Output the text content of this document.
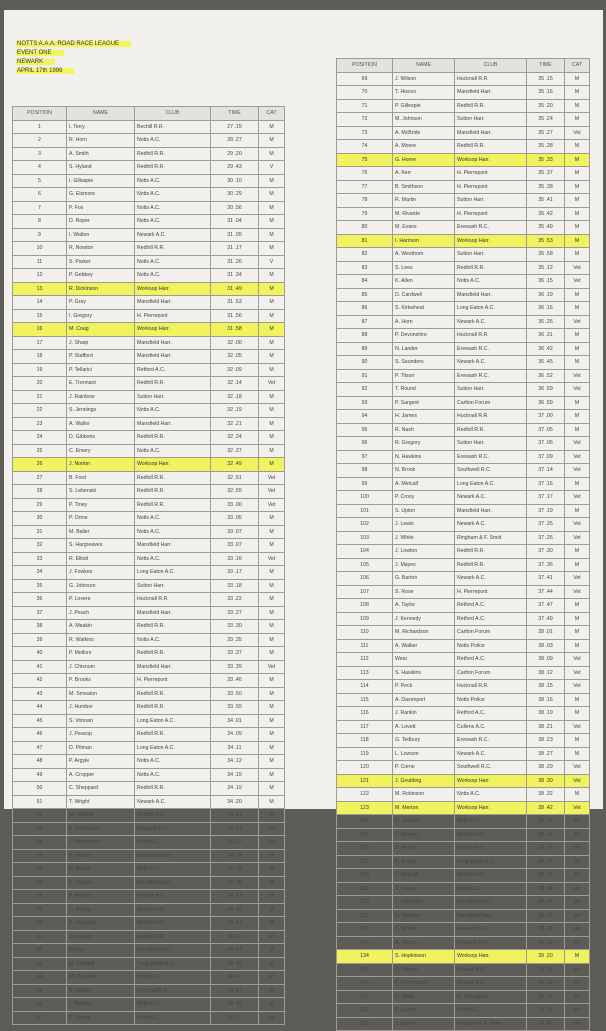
NOTTS A.A.A. ROAD RACE LEAGUE
EVENT ONE
NEWARK
APRIL 17th 1996
POSITION	NAME	CLUB	TIME	CAT
1	I. Terry	Bechill R.R.	27 .15	M
2	R. Horn	Notts A.C.	28 .27	M
3	A. Smith	Redhill R.R.	29 .20	M
4	S. Hyland	Redhill R.R.	29 .43	V
5	I. Gillaspie	Notts A.C.	30 .10	M
6	G. Elsmore	Notts A.C.	30 .29	M
7	P. Fox	Notts A.C.	30 .56	M
8	D. Roper	Notts A.C.	31 .04	M
9	I. Walton	Newark A.C.	31 .05	M
10	R. Nowton	Redhill R.R.	31 .17	M
11	S. Parker	Notts A.C.	31 .26	V
12	P. Gebbey	Notts A.C.	31 .34	M
13	R. Dickinson	Worksop Harr.	31 .49	M
14	P. Gray	Mansfield Harr.	31 .53	M
15	I. Gregory	H. Pierrepont	31 .56	M
16	M. Craig	Worksop Harr.	31 .58	M
17	J. Sharp	Mansfield Harr.	32 .00	M
18	P. Stafford	Mansfield Harr.	32 .05	M
19	P. Tellarici	Retford A.C.	32 .09	M
20	E. Trennant	Redhill R.R.	32 .14	Vet
21	J. Rainbow	Sutton Harr.	32 .18	M
22	S. Jennings	Notts A.C.	32 .19	M
23	A. Wallor	Mansfield Harr.	32 .21	M
24	D. Gibbons	Redhill R.R.	32 .24	M
25	C. Emery	Notts A.C.	32 .37	M
26	J. Norton	Worksop Harr.	32 .49	M
27	B. Ford	Redhill R.R.	32 .51	Vet
28	S. Lebenski	Redhill R.R.	32 .55	Vet
29	P. Tiney	Redhill R.R.	33 .00	Vet
30	P. Orme	Notts A.C.	33 .05	M
31	M. Baller	Notts A.C.	33 .07	M
32	S. Hargreaves	Mansfield Harr.	33 .07	M
33	R. Elliott	Notts A.C.	33 .16	Vet
34	J. Fowkes	Long Eaton A.C.	33 .17	M
35	G. Johnson	Sutton Harr.	33 .18	M
36	P. Lovere	Hucknall R.R.	33 .22	M
37	J. Peach	Mansfield Harr.	33 .27	M
38	A. Meakin	Redhill R.R.	33 .30	M
39	R. Watkins	Notts A.C.	33 .35	M
40	P. Mellors	Redhill R.R.	33 .37	M
41	J. Chisnum	Mansfield Harr.	33 .39	Vet
42	P. Brooks	H. Pierrepont	33 .46	M
43	M. Smeaton	Redhill R.R.	33 .50	M
44	J. Humber	Redhill R.R.	33 .55	M
45	S. Vonnan	Long Eaton A.C.	34 .01	M
46	J. Peacop	Redhill R.R.	34 .09	M
47	D. Pitman	Long Eaton A.C.	34 .11	M
48	P. Argyle	Notts A.C.	34 .12	M
49	A. Cropper	Notts A.C.	34 .15	M
50	C. Sheppard	Redhill R.R.	34 .19	M
51	T. Wright	Newark A.C.	34 .20	M
52	M. Jenkins	Retford A.C.	34 .21	M
53	P. Whiteheed	Erewash R.C.	34 .22	Vet
54	J. Mackintosh	Notts A.C.	34 .32	Vet
55	K. Wilson	Mansfield Harr.	34 .34	M
56	N. Brown	Notts A.C.	34 .35	M
57	K. Palmer	Mansfield Harr.	34 .35	M
58	P. Harden	Newark A.C.	34 .37	M
59	G. Brown	Redhill R.R.	34 .40	M
60	A. Hancock	Redhill R.R.	34 .41	M
61	J. Forrest	Redhill R.R.	34 .42	M
62	Mottey	Mansfield Harr.	34 .44	M
63	M. Goodall	Long Eaton A.C.	34 .45	M
64	M. Marsden	Notts A.C.	34 .46	M
65	R. Walker	Hucknall R.R.	34 .47	M
66	J. Bourne	Notts A.C.	34 .48	M
67	D. Starke	Notts A.C.	34 .50	M
POSITION	NAME	CLUB	TIME	CAT
69	J. Wilson	Hucknall R.R.	35 .15	M
70	T. Hiscox	Mansfield Harr.	35 .16	M
71	P. Gillespie	Redhill R.R.	35 .20	M
72	M. Johnson	Sutton Harr.	35 .24	M
73	A. McBride	Mansfield Harr.	35 .27	Vet
74	A. Moore	Redhill R.R.	35 .28	M
75	G. Horne	Worksop Harr.	35 .33	M
76	A. Kerr	H. Pierrepont	35 .37	M
77	B. Smithson	H. Pierrepont	35 .38	M
78	R. Martin	Sutton Harr.	35 .41	M
79	M. Rivarde	H. Pierrepont	35 .42	M
80	M. Evans	Erewash R.C.	35 .49	M
81	I. Harrison	Worksop Harr.	35 .53	M
82	A. Westhorn	Sutton Harr.	35 .58	M
83	S. Lees	Redhill R.R.	35 .12	Vet
84	K. Allen	Notts A.C.	36 .15	Vet
85	D. Cardwell	Mansfield Harr.	36 .19	M
86	S. Kirkwheat	Long Eaton A.C.	36 .16	M
87	A. Horn	Newark A.C.	36 .26	Vet
88	P. Devonshire	Hucknall R.R.	36 .31	M
89	N. Lander	Erewash R.C.	36 .42	M
90	S. Saunders	Newark A.C.	36 .45	M
91	P. Tilson	Erewash R.C.	36 .52	Vet
92	T. Round	Sutton Harr.	36 .59	Vet
93	P. Sargent	Carlton Forum	36 .59	M
94	H. James	Hucknall R.R.	37 .00	M
95	R. Nash	Redhill R.R.	37 .05	M
96	R. Gregory	Sutton Harr.	37 .06	Vet
97	N. Hawkins	Erewash R.C.	37 .09	Vet
98	N. Brook	Southwell R.C.	37 .14	Vet
99	A. Metcalf	Long Eaton A.C.	37 .16	M
100	P. Crosy	Newark A.C.	37 .17	Vet
101	S. Upton	Mansfield Harr.	37 .19	M
102	J. Lewis	Newark A.C.	37 .25	Vet
103	J. White	Ringham & F. Smid	37 .26	Vet
104	J. Lowton	Redhill R.R.	37 .30	M
105	J. Mayes	Redhill R.R.	37 .36	M
106	G. Barton	Newark A.C.	37 .41	Vet
107	S. Rose	H. Pierrepont	37 .44	Vet
108	A. Taylor	Retford A.C.	37 .47	M
109	J. Kennedy	Retford A.C.	37 .49	M
110	M. Richardson	Carlton Forum	38 .01	M
111	A. Walker	Notts Police	38 .03	M
112	Wear	Retford A.C.	38 .09	Vet
113	S. Hawkins	Carlton Forum	38 .12	Vet
114	P. Peck	Hucknall R.R.	38 .15	Vet
115	A. Davenport	Notts Police	38 .16	M
116	J. Rankin	Retford A.C.	38 .19	M
117	A. Lovett	Cullens A.C.	38 .21	Vet
118	G. Tedbury	Erewash R.C.	38 .23	M
119	L. Lowson	Newark A.C.	38 .27	M
120	P. Corne	Southwell R.C.	38 .29	Vet
121	J. Goulding	Worksop Harr.	38 .30	Vet
122	M. Robinson	Notts A.C.	38 .32	M
123	M. Merton	Worksop Harr.	38 .42	Vet
124	G. Jackson	Notts A.C.	38 .45	Vet
125	J. Skinner	Redhill R.R.	38 .49	M
126	D. Wood	Sutton Harr.	38 .53	Vet
127	N. Evans	Long Eaton A.C.	39 .01	M
128	J. Metcalf	Redhill R.R.	39 .03	M
129	R. Sooey	Notts A.C.	39 .04	Vet
130	J. Calthorpe	Mansfield Harr.	39 .06	Vet
131	N. Simpson	Mansfield Harr.	39 .15	Vet
132	S. Whittle	Erewash R.C.	39 .18	Vet
133	A. Mason	Erewash R.C.	39 .19	M
134	S. Hopkinson	Worksop Harr.	39 .20	M
135	D. French	Newark A.C.	39 .28	Vet
136	P. Hurowwson	Newark A.C.	39 .29	M
137	G. Watts	H. Pierrepont	39 .35	M
138	F. Leyton	Notts A.C.	39 .38	Vet
139	S. Ladrio	Ringham & F. Smid	39 .42	Vet
